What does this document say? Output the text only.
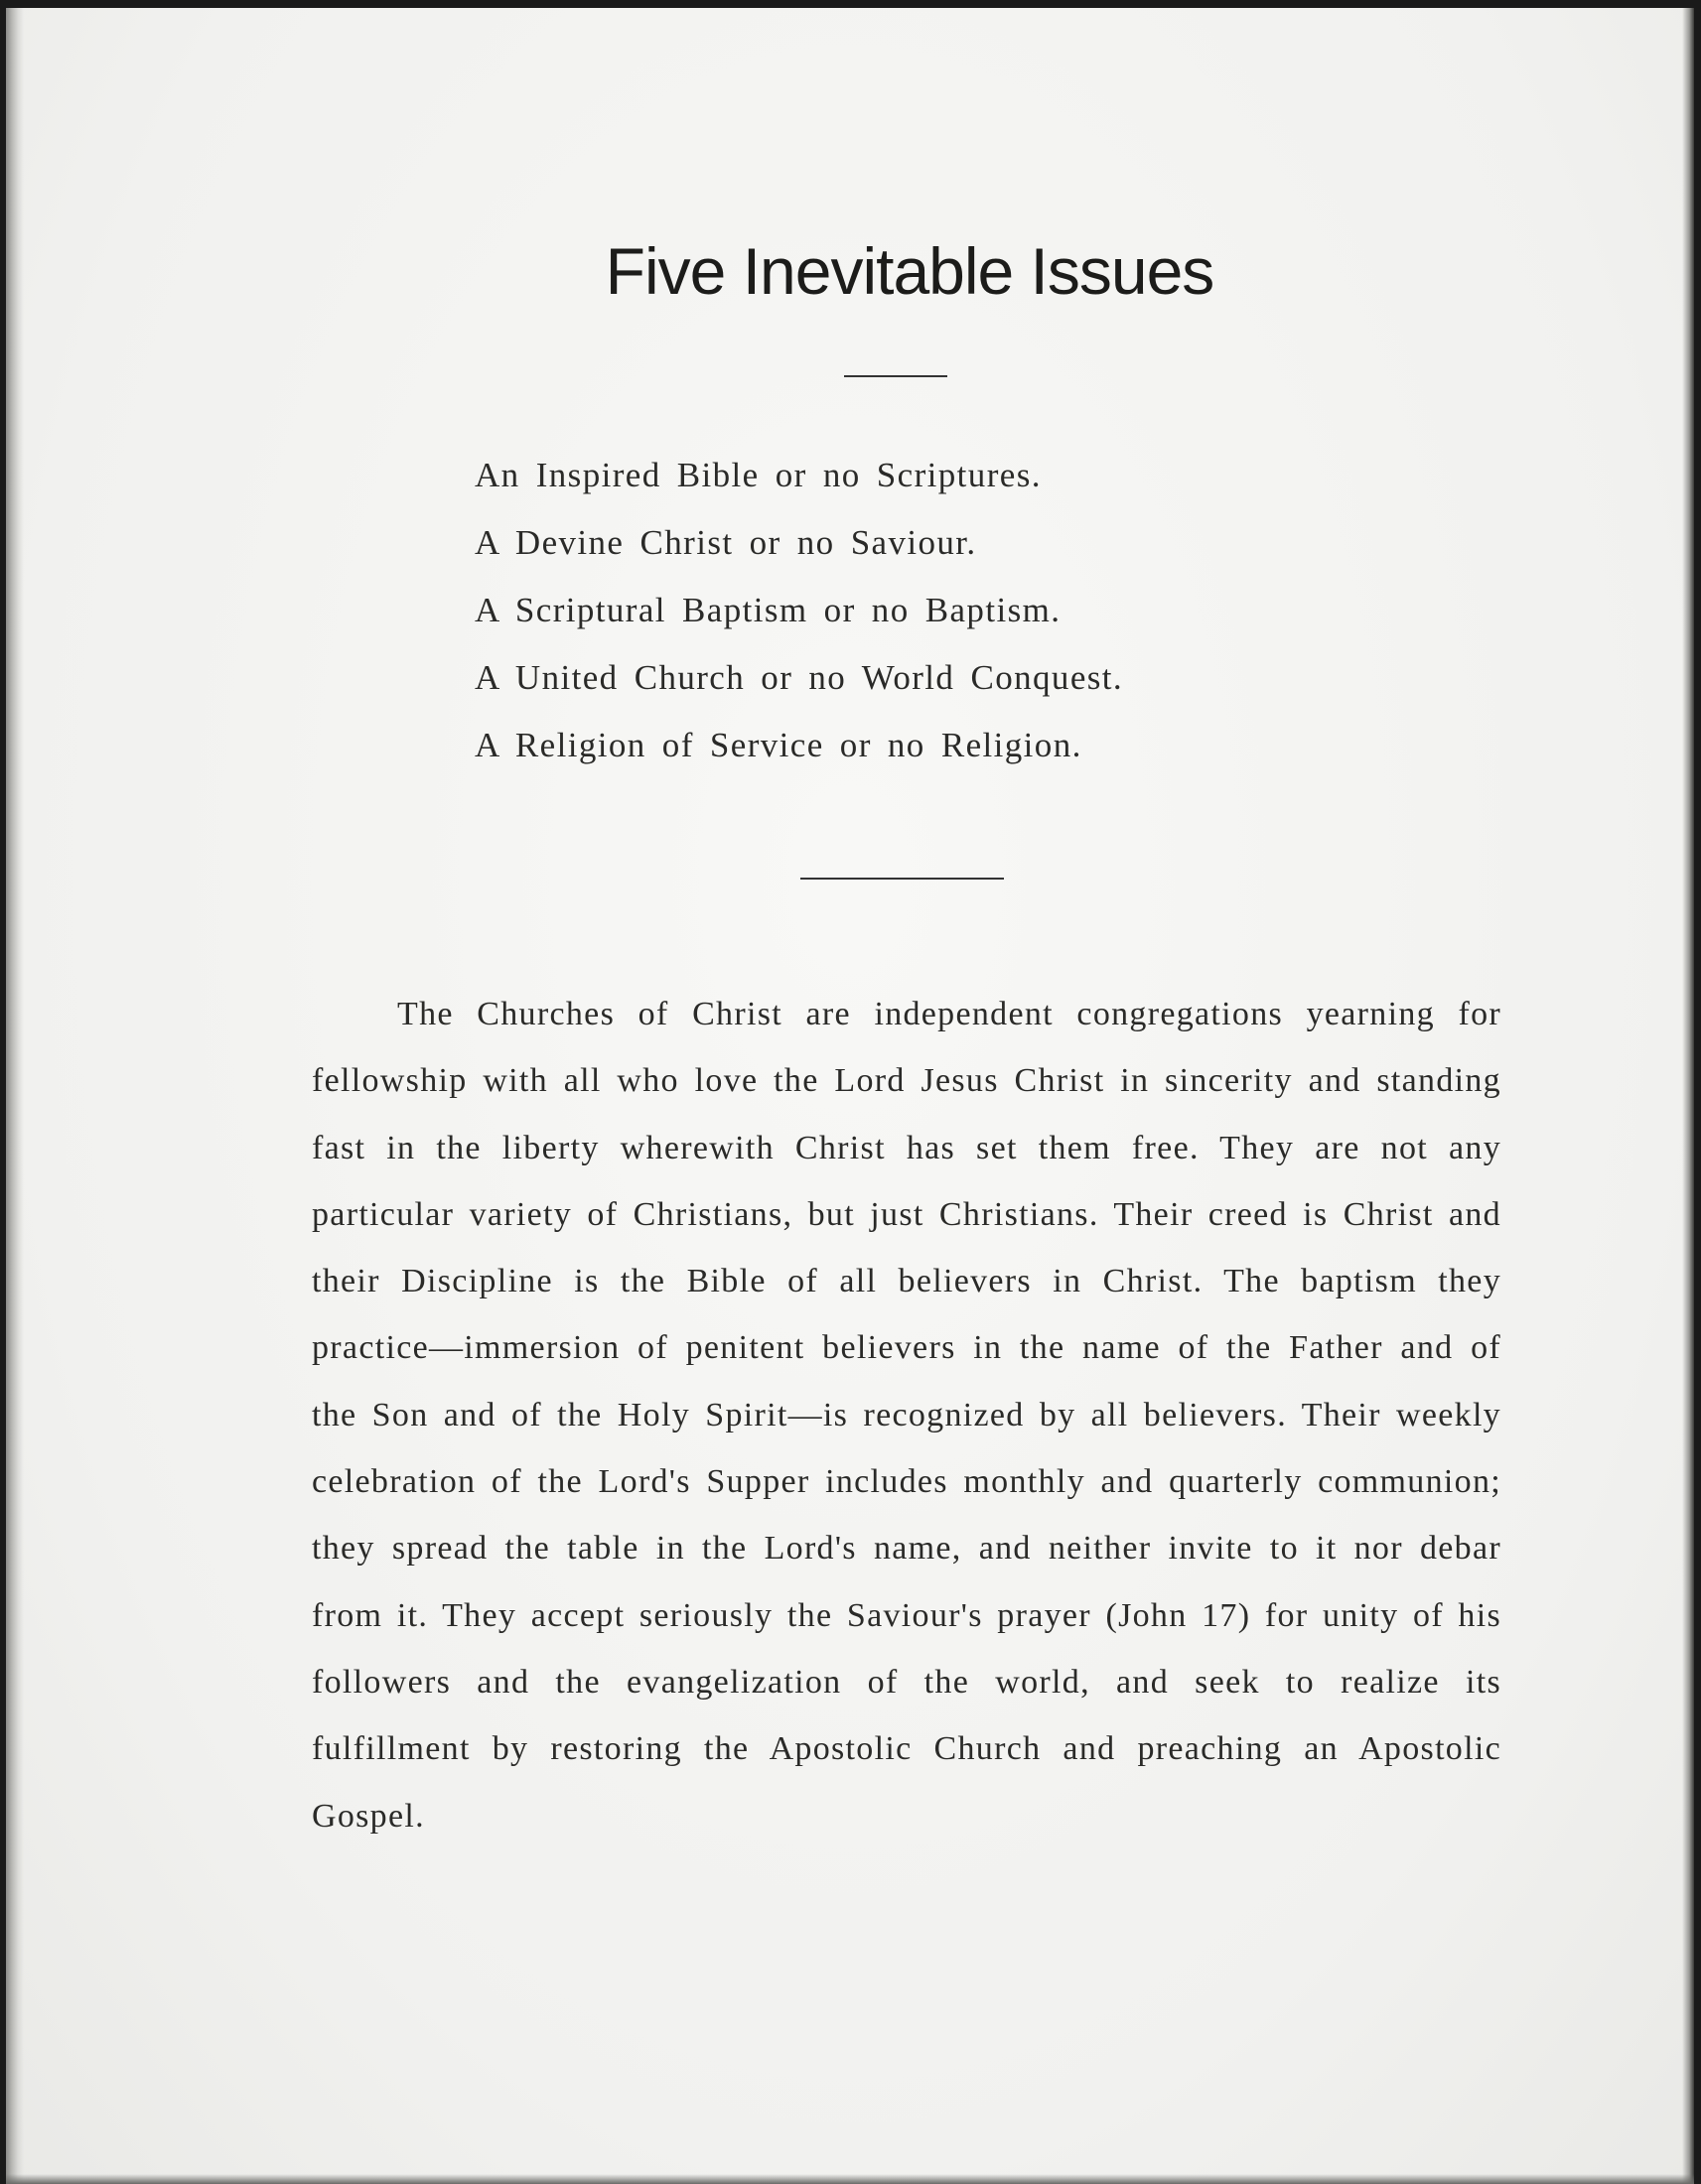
Five Inevitable Issues
An Inspired Bible or no Scriptures.
A Devine Christ or no Saviour.
A Scriptural Baptism or no Baptism.
A United Church or no World Conquest.
A Religion of Service or no Religion.

The Churches of Christ are independent congregations yearning for fellowship with all who love the Lord Jesus Christ in sincerity and standing fast in the liberty wherewith Christ has set them free. They are not any particular variety of Christians, but just Christians. Their creed is Christ and their Discipline is the Bible of all believers in Christ. The baptism they practice—immersion of penitent believers in the name of the Father and of the Son and of the Holy Spirit—is recognized by all believers. Their weekly celebration of the Lord's Supper includes monthly and quarterly communion; they spread the table in the Lord's name, and neither invite to it nor debar from it. They accept seriously the Saviour's prayer (John 17) for unity of his followers and the evangelization of the world, and seek to realize its fulfillment by restoring the Apostolic Church and preaching an Apostolic Gospel.
